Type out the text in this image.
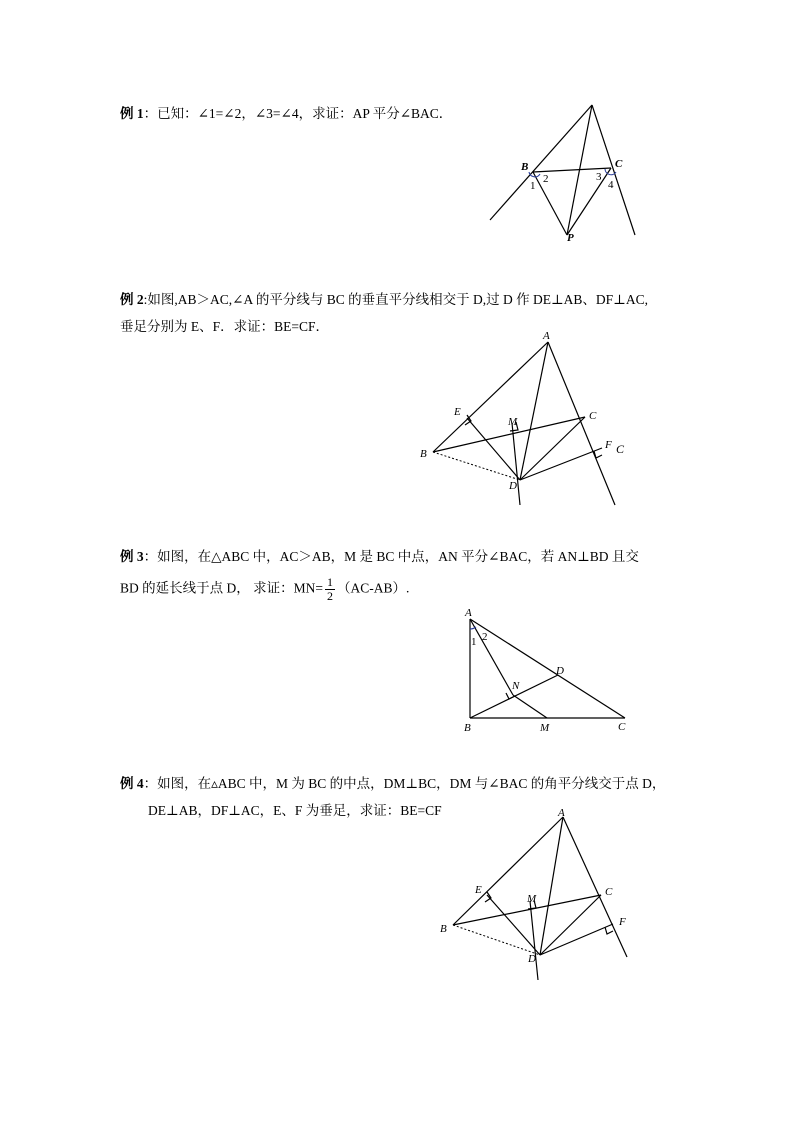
例 1：已知：∠1=∠2，∠3=∠4，求证：AP 平分∠BAC．
B	C
P
1
2	3
4
例 2:如图,AB＞AC,∠A 的平分线与 BC 的垂直平分线相交于 D,过 D 作 DE⊥AB、DF⊥AC,
垂足分别为 E、F．求证：BE=CF．
A
B
C
D
E
F
M
C
例 3：如图，在△ABC 中，AC＞AB，M 是 BC 中点，AN 平分∠BAC，若 AN⊥BD 且交
BD 的延长线于点 D， 求证：$MN= \frac{1}{2} (AC-AB)$.
A
B	C
D
M
N
1 2
例 4：如图，在▵ABC 中，M 为 BC 的中点，DM⊥BC，DM 与∠BAC 的角平分线交于点 D，
DE⊥AB，DF⊥AC，E、F 为垂足，求证：BE=CF	A
B
C
D
E
F
M
